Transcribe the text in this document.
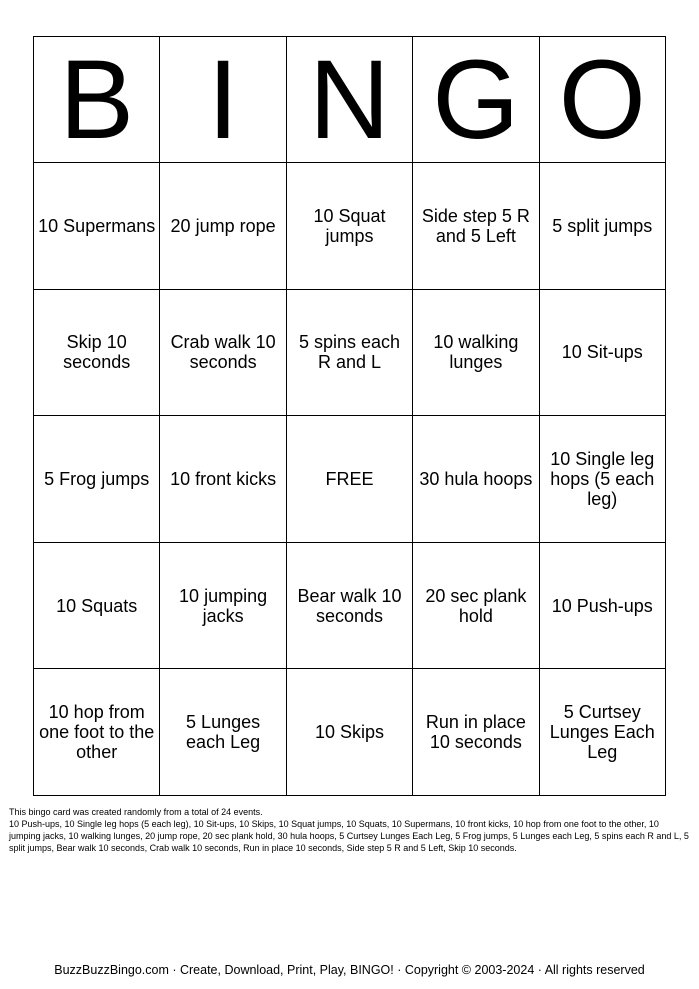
B	I	N	G	O
10 Supermans	20 jump rope	10 Squat jumps	Side step 5 R and 5 Left	5 split jumps
Skip 10 seconds	Crab walk 10 seconds	5 spins each R and L	10 walking lunges	10 Sit-ups
5 Frog jumps	10 front kicks	FREE	30 hula hoops	10 Single leg hops (5 each leg)
10 Squats	10 jumping jacks	Bear walk 10 seconds	20 sec plank hold	10 Push-ups
10 hop from one foot to the other	5 Lunges each Leg	10 Skips	Run in place 10 seconds	5 Curtsey Lunges Each Leg
This bingo card was created randomly from a total of 24 events.
10 Push-ups, 10 Single leg hops (5 each leg), 10 Sit-ups, 10 Skips, 10 Squat jumps, 10 Squats, 10 Supermans, 10 front kicks, 10 hop from one foot to the other, 10 jumping jacks, 10 walking lunges, 20 jump rope, 20 sec plank hold, 30 hula hoops, 5 Curtsey Lunges Each Leg, 5 Frog jumps, 5 Lunges each Leg, 5 spins each R and L, 5 split jumps, Bear walk 10 seconds, Crab walk 10 seconds, Run in place 10 seconds, Side step 5 R and 5 Left, Skip 10 seconds.
BuzzBuzzBingo.com · Create, Download, Print, Play, BINGO! · Copyright © 2003-2024 · All rights reserved
